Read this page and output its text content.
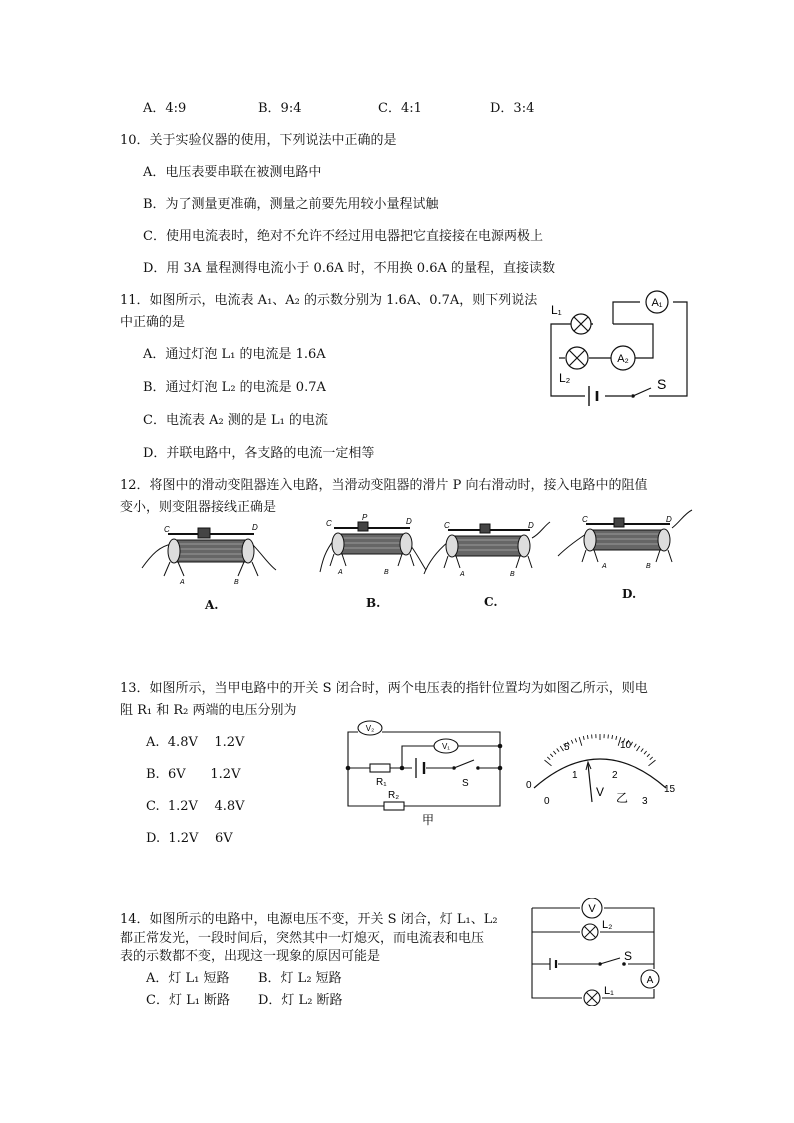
A．4:9	B．9:4	C．4:1	D．3:4
10．关于实验仪器的使用，下列说法中正确的是
A．电压表要串联在被测电路中
B．为了测量更准确，测量之前要先用较小量程试触
C．使用电流表时，绝对不允许不经过用电器把它直接接在电源两极上
D．用 3A 量程测得电流小于 0.6A 时，不用换 0.6A 的量程，直接读数
11．如图所示，电流表 A₁、A₂ 的示数分别为 1.6A、0.7A，则下列说法
中正确的是
A．通过灯泡 L₁ 的电流是 1.6A
B．通过灯泡 L₂ 的电流是 0.7A
C．电流表 A₂ 测的是 L₁ 的电流
D．并联电路中，各支路的电流一定相等
A₁
A₂
L₁
L₂	S
12．将图中的滑动变阻器连入电路，当滑动变阻器的滑片 P 向右滑动时，接入电路中的阻值
变小，则变阻器接线正确是
C	D
A	B
A.
C
P	D
A	B
B.
C	D
A	B
C.
C	D
A	B
D.
13．如图所示，当甲电路中的开关 S 闭合时，两个电压表的指针位置均为如图乙所示，则电
阻 R₁ 和 R₂ 两端的电压分别为
A.  4.8V    1.2V
B.  6V      1.2V
C.  1.2V    4.8V
D.  1.2V    6V
V₂
V₁
R₁	S
R₂
甲
0
0
5	10
1	2
15
3
V 乙
14．如图所示的电路中，电源电压不变，开关 S 闭合，灯 L₁、L₂
都正常发光，一段时间后，突然其中一灯熄灭，而电流表和电压
表的示数都不变，出现这一现象的原因可能是
A．灯 L₁ 短路 B．灯 L₂ 短路
C．灯 L₁ 断路 D．灯 L₂ 断路
V
L₂
S
A
L₁
